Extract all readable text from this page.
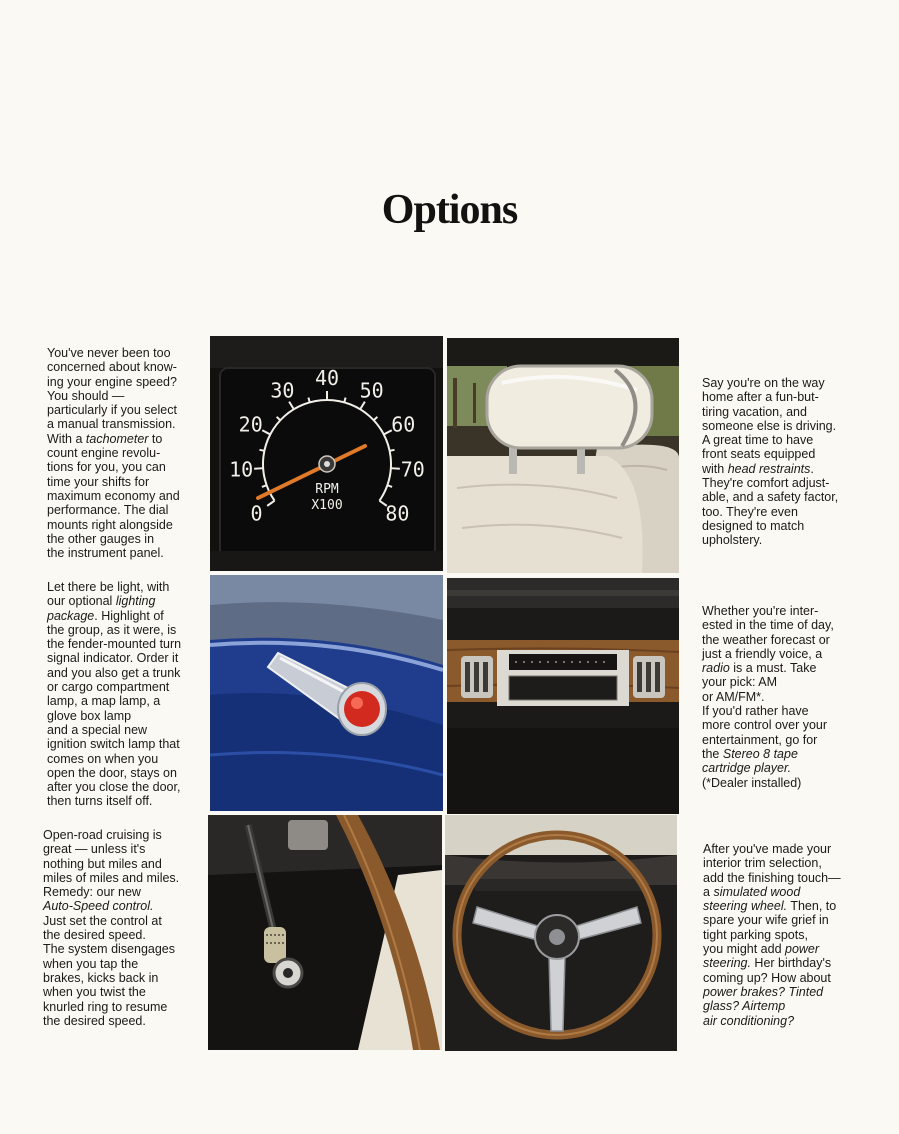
Options

You've never been too
concerned about know-
ing your engine speed?
You should —
particularly if you select
a manual transmission.
With a tachometer to
count engine revolu-
tions for you, you can
time your shifts for
maximum economy and
performance. The dial
mounts right alongside
the other gauges in
the instrument panel.

Let there be light, with
our optional lighting
package. Highlight of
the group, as it were, is
the fender-mounted turn
signal indicator. Order it
and you also get a trunk
or cargo compartment
lamp, a map lamp, a
glove box lamp
and a special new
ignition switch lamp that
comes on when you
open the door, stays on
after you close the door,
then turns itself off.

Open-road cruising is
great — unless it's
nothing but miles and
miles of miles and miles.
Remedy: our new
Auto-Speed control.
Just set the control at
the desired speed.
The system disengages
when you tap the
brakes, kicks back in
when you twist the
knurled ring to resume
the desired speed.

Say you're on the way
home after a fun-but-
tiring vacation, and
someone else is driving.
A great time to have
front seats equipped
with head restraints.
They're comfort adjust-
able, and a safety factor,
too. They're even
designed to match
upholstery.

Whether you're inter-
ested in the time of day,
the weather forecast or
just a friendly voice, a
radio is a must. Take
your pick: AM
or AM/FM*.
If you'd rather have
more control over your
entertainment, go for
the Stereo 8 tape
cartridge player.
(*Dealer installed)

After you've made your
interior trim selection,
add the finishing touch—
a simulated wood
steering wheel. Then, to
spare your wife grief in
tight parking spots,
you might add power
steering. Her birthday's
coming up? How about
power brakes? Tinted
glass? Airtemp
air conditioning?

0
10
20
30
40
50
60
70
80
RPM
X100
